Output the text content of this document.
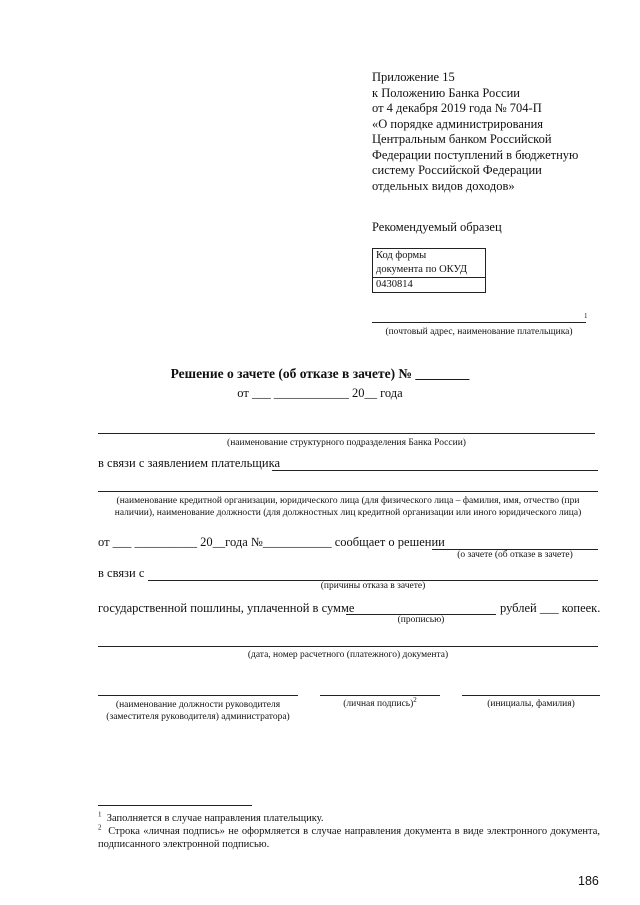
Приложение 15
к Положению Банка России
от 4 декабря 2019 года № 704-П
«О порядке администрирования
Центральным банком Российской
Федерации поступлений в бюджетную
систему Российской Федерации
отдельных видов доходов»
Рекомендуемый образец
Код формы
документа по ОКУД
0430814
1
(почтовый адрес, наименование плательщика)
Решение о зачете (об отказе в зачете) № ________
от ___ ____________ 20__ года
(наименование структурного подразделения Банка России)
в связи с заявлением плательщика
(наименование кредитной организации, юридического лица (для физического лица – фамилия, имя, отчество (при
наличии), наименование должности (для должностных лиц кредитной организации или иного юридического лица)
от ___ __________ 20__года №___________ сообщает о решении
(о зачете (об отказе в зачете)
в связи с
(причины отказа в зачете)
государственной пошлины, уплаченной в сумме	рублей ___ копеек.
(прописью)
(дата, номер расчетного (платежного) документа)
(наименование должности руководителя
(заместителя руководителя) администратора)
(личная подпись)$^2$	(инициалы, фамилия)
$^1$ Заполняется в случае направления плательщику.
$^2$ Строка «личная подпись» не оформляется в случае направления документа в виде электронного документа, подписанного электронной подписью.
186
